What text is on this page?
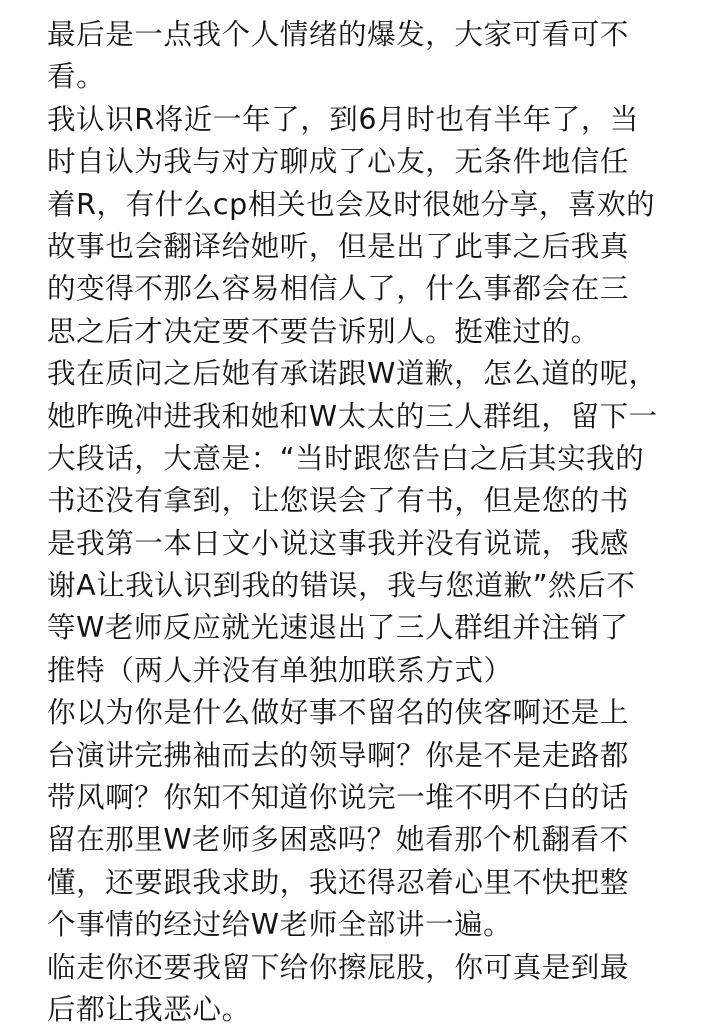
最后是一点我个人情绪的爆发，大家可看可不
看。
我认识R将近一年了，到6月时也有半年了，当
时自认为我与对方聊成了心友，无条件地信任
着R，有什么cp相关也会及时很她分享，喜欢的
故事也会翻译给她听，但是出了此事之后我真
的变得不那么容易相信人了，什么事都会在三
思之后才决定要不要告诉别人。挺难过的。
我在质问之后她有承诺跟W道歉，怎么道的呢，
她昨晚冲进我和她和W太太的三人群组，留下一
大段话，大意是：“当时跟您告白之后其实我的
书还没有拿到，让您误会了有书，但是您的书
是我第一本日文小说这事我并没有说谎，我感
谢A让我认识到我的错误，我与您道歉”然后不
等W老师反应就光速退出了三人群组并注销了
推特（两人并没有单独加联系方式）
你以为你是什么做好事不留名的侠客啊还是上
台演讲完拂袖而去的领导啊？你是不是走路都
带风啊？你知不知道你说完一堆不明不白的话
留在那里W老师多困惑吗？她看那个机翻看不
懂，还要跟我求助，我还得忍着心里不快把整
个事情的经过给W老师全部讲一遍。
临走你还要我留下给你擦屁股，你可真是到最
后都让我恶心。
